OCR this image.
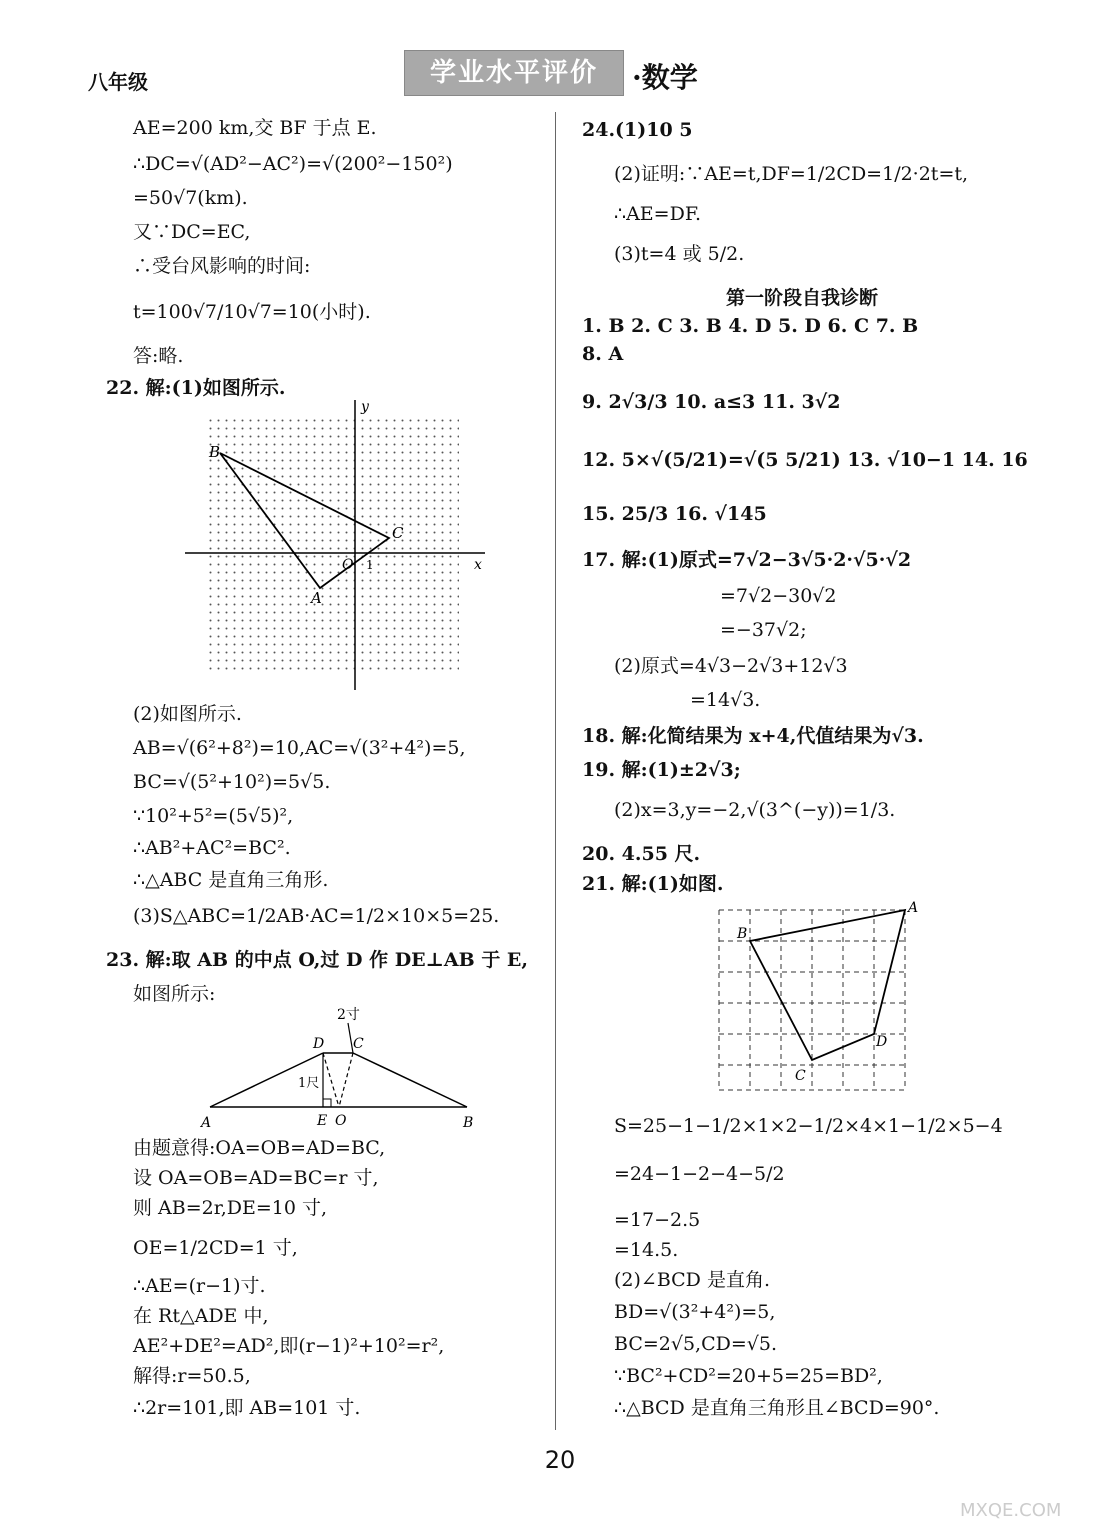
八年级	学业水平评价	·数学
AE=200 km,交 BF 于点 E.
∴DC=√(AD²−AC²)=√(200²−150²)
=50√7(km).
又∵DC=EC,
∴受台风影响的时间:
t=100√7/10√7=10(小时).
答:略.
22. 解:(1)如图所示.
B
C
A
O 1	x
y
(2)如图所示.
AB=√(6²+8²)=10,AC=√(3²+4²)=5,
BC=√(5²+10²)=5√5.
∵10²+5²=(5√5)²,
∴AB²+AC²=BC².
∴△ABC 是直角三角形.
(3)S△ABC=1/2AB·AC=1/2×10×5=25.
23. 解:取 AB 的中点 O,过 D 作 DE⊥AB 于 E,
如图所示:
2寸
1尺
D C
A	E O	B
由题意得:OA=OB=AD=BC,
设 OA=OB=AD=BC=r 寸,
则 AB=2r,DE=10 寸,
OE=1/2CD=1 寸,
∴AE=(r−1)寸.
在 Rt△ADE 中,
AE²+DE²=AD²,即(r−1)²+10²=r²,
解得:r=50.5,
∴2r=101,即 AB=101 寸.
24.(1)10 5
(2)证明:∵AE=t,DF=1/2CD=1/2·2t=t,
∴AE=DF.
(3)t=4 或 5/2.
第一阶段自我诊断
1. B 2. C 3. B 4. D 5. D 6. C 7. B
8. A
9. 2√3/3 10. a≤3 11. 3√2
12. 5×√(5/21)=√(5 5/21) 13. √10−1 14. 16
15. 25/3 16. √145
17. 解:(1)原式=7√2−3√5·2·√5·√2
=7√2−30√2
=−37√2;
(2)原式=4√3−2√3+12√3
=14√3.
18. 解:化简结果为 x+4,代值结果为√3.
19. 解:(1)±2√3;
(2)x=3,y=−2,√(3^(−y))=1/3.
20. 4.55 尺.
21. 解:(1)如图.
A
B
C
D
S=25−1−1/2×1×2−1/2×4×1−1/2×5−4
=24−1−2−4−5/2
=17−2.5
=14.5.
(2)∠BCD 是直角.
BD=√(3²+4²)=5,
BC=2√5,CD=√5.
∵BC²+CD²=20+5=25=BD²,
∴△BCD 是直角三角形且∠BCD=90°.
20
MXQE.COM
